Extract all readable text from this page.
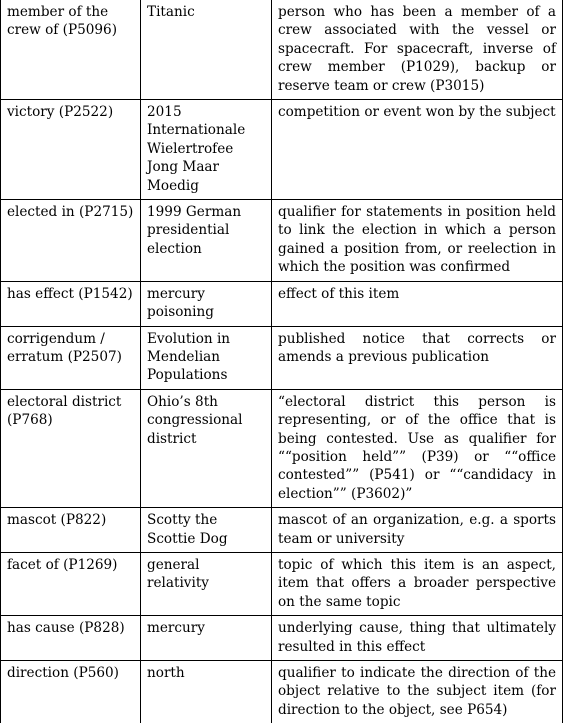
member of the crew of (P5096)	Titanic	person who has been a member of a crew associated with the vessel or spacecraft. For spacecraft, inverse of crew member (P1029), backup or reserve team or crew (P3015)
victory (P2522)	2015 Internationale Wielertrofee Jong Maar Moedig	competition or event won by the subject
elected in (P2715)	1999 German presidential election	qualifier for statements in position held to link the election in which a person gained a position from, or reelection in which the position was confirmed
has effect (P1542)	mercury poisoning	effect of this item
corrigendum / erratum (P2507)	Evolution in Mendelian Populations	published notice that corrects or amends a previous publication
electoral district (P768)	Ohio’s 8th congressional district	“electoral district this person is representing, or of the office that is being contested. Use as qualifier for ““position held”” (P39) or ““office contested”” (P541) or ““candidacy in election”” (P3602)”
mascot (P822)	Scotty the Scottie Dog	mascot of an organization, e.g. a sports team or university
facet of (P1269)	general relativity	topic of which this item is an aspect, item that offers a broader perspective on the same topic
has cause (P828)	mercury	underlying cause, thing that ultimately resulted in this effect
direction (P560)	north	qualifier to indicate the direction of the object relative to the subject item (for direction to the object, see P654)
